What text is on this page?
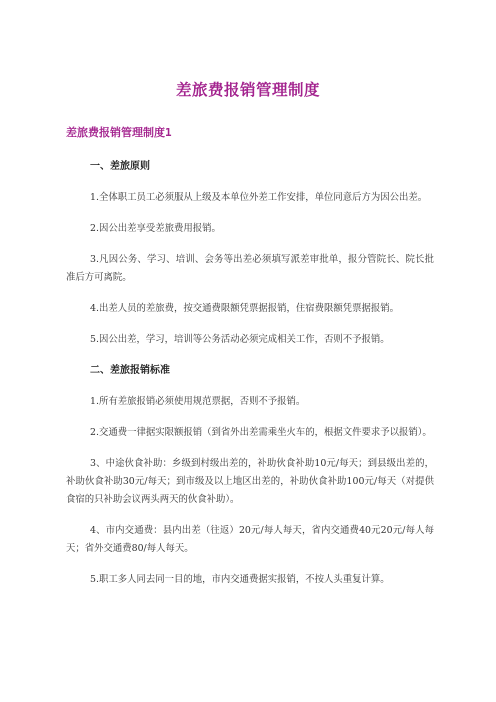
差旅费报销管理制度
差旅费报销管理制度1
一、差旅原则

1.全体职工员工必须服从上级及本单位外差工作安排，单位同意后方为因公出差。

2.因公出差享受差旅费用报销。

3.凡因公务、学习、培训、会务等出差必须填写派差审批单，报分管院长、院长批准后方可离院。

4.出差人员的差旅费，按交通费限额凭票据报销，住宿费限额凭票据报销。

5.因公出差，学习，培训等公务活动必须完成相关工作，否则不予报销。

二、差旅报销标准

1.所有差旅报销必须使用规范票据，否则不予报销。

2.交通费一律据实限额报销（到省外出差需乘坐火车的，根据文件要求予以报销）。

3、中途伙食补助：乡级到村级出差的，补助伙食补助10元/每天；到县级出差的，补助伙食补助30元/每天；到市级及以上地区出差的，补助伙食补助100元/每天（对提供食宿的只补助会议两头两天的伙食补助）。

4、市内交通费：县内出差（往返）20元/每人每天，省内交通费40元20元/每人每天；省外交通费80/每人每天。

5.职工多人同去同一目的地，市内交通费据实报销，不按人头重复计算。
